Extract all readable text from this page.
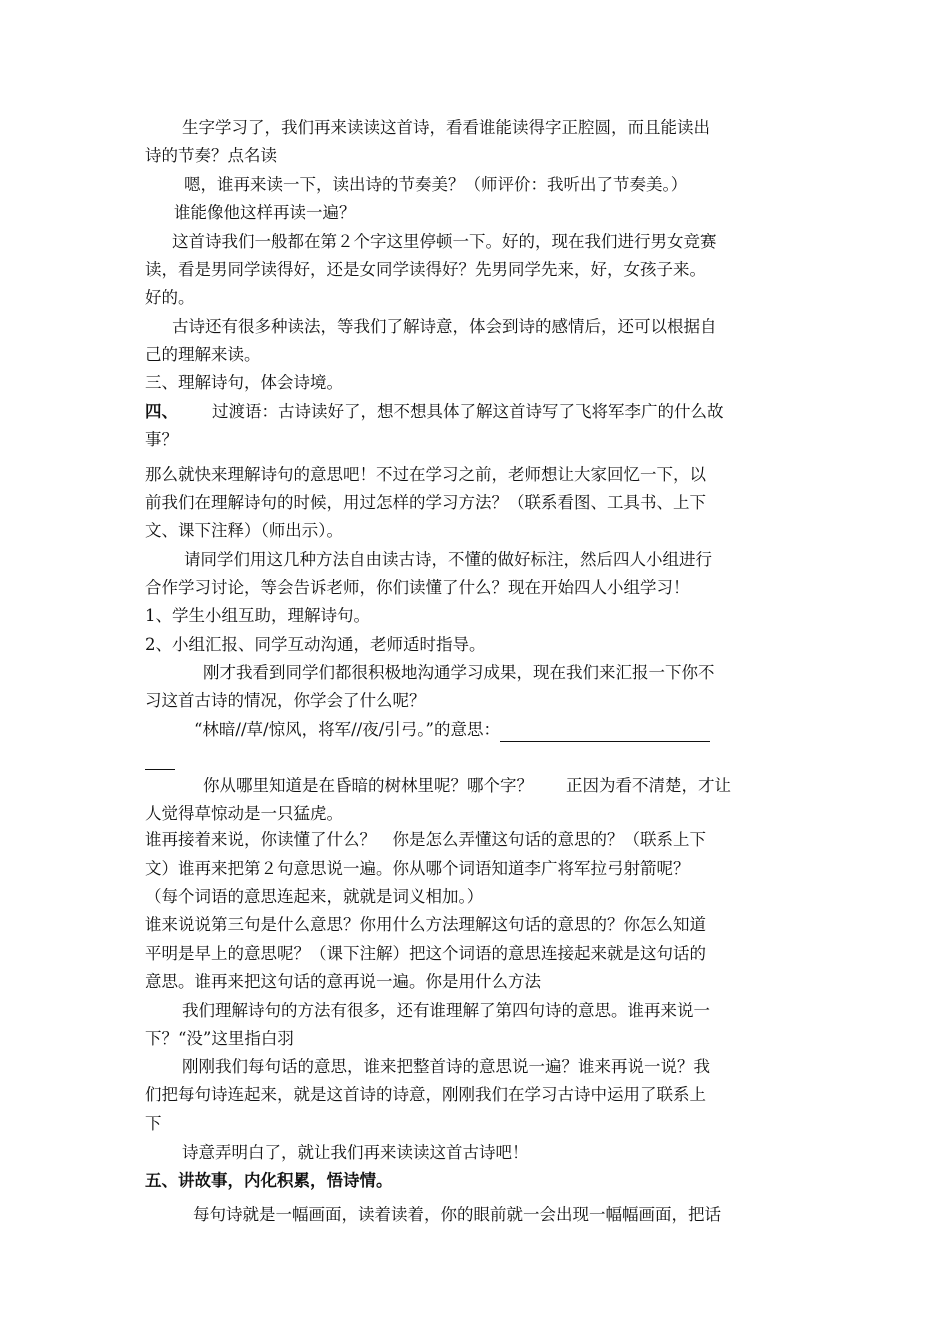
生字学习了，我们再来读读这首诗，看看谁能读得字正腔圆，而且能读出
诗的节奏？点名读
嗯，谁再来读一下，读出诗的节奏美？（师评价：我听出了节奏美。）
谁能像他这样再读一遍？
这首诗我们一般都在第２个字这里停顿一下。好的，现在我们进行男女竞赛
读，看是男同学读得好，还是女同学读得好？先男同学先来，好，女孩子来。
好的。
古诗还有很多种读法，等我们了解诗意，体会到诗的感情后，还可以根据自
己的理解来读。
三、理解诗句，体会诗境。
四、 过渡语：古诗读好了，想不想具体了解这首诗写了飞将军李广的什么故
事？
那么就快来理解诗句的意思吧！不过在学习之前，老师想让大家回忆一下，以
前我们在理解诗句的时候，用过怎样的学习方法？（联系看图、工具书、上下
文、课下注释）（师出示）。
请同学们用这几种方法自由读古诗，不懂的做好标注，然后四人小组进行
合作学习讨论，等会告诉老师，你们读懂了什么？现在开始四人小组学习！
1、学生小组互助，理解诗句。
2、小组汇报、同学互动沟通，老师适时指导。
刚才我看到同学们都很积极地沟通学习成果，现在我们来汇报一下你不
习这首古诗的情况，你学会了什么呢？
“林暗//草/惊风，将军//夜/引弓。”的意思：

你从哪里知道是在昏暗的树林里呢？哪个字？　　正因为看不清楚，才让
人觉得草惊动是一只猛虎。
谁再接着来说，你读懂了什么？　你是怎么弄懂这句话的意思的？（联系上下
文）谁再来把第２句意思说一遍。你从哪个词语知道李广将军拉弓射箭呢？
（每个词语的意思连起来，就就是词义相加。）
谁来说说第三句是什么意思？你用什么方法理解这句话的意思的？你怎么知道
平明是早上的意思呢？（课下注解）把这个词语的意思连接起来就是这句话的
意思。谁再来把这句话的意再说一遍。你是用什么方法
我们理解诗句的方法有很多，还有谁理解了第四句诗的意思。谁再来说一
下？“没”这里指白羽
刚刚我们每句话的意思，谁来把整首诗的意思说一遍？谁来再说一说？我
们把每句诗连起来，就是这首诗的诗意，刚刚我们在学习古诗中运用了联系上
下
诗意弄明白了，就让我们再来读读这首古诗吧！
五、讲故事，内化积累，悟诗情。
每句诗就是一幅画面，读着读着，你的眼前就一会出现一幅幅画面，把话
